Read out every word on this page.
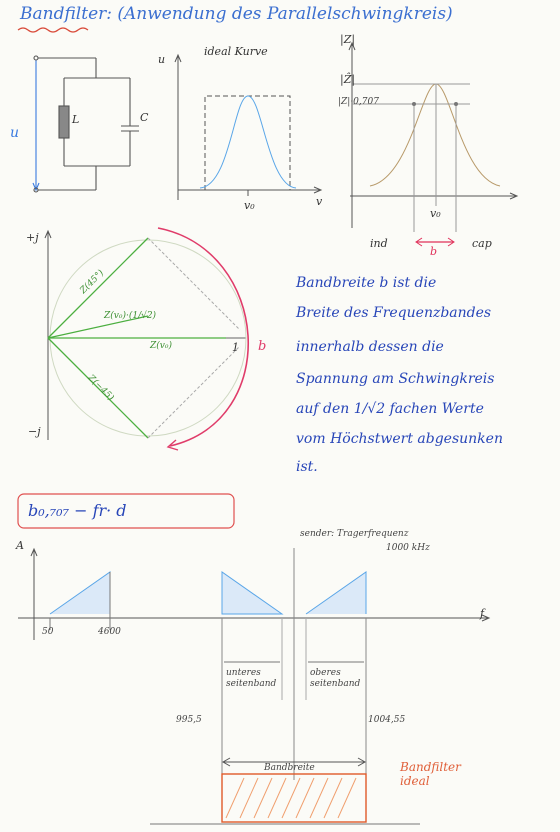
Bandfilter: (Anwendung des Parallelschwingkreis)
u
L	C
u
ideal Kurve
v₀	v
|Z|
|Ẑ|
|Z|·0,707
v₀
ind	cap
b
+j
−j
Z(45°)
Z(v₀)·(1/√2)
Z(v₀)
Z(−45)
1 b
Bandbreite b ist die
Breite des Frequenzbandes
innerhalb dessen die
Spannung am Schwingkreis
auf den 1/√2 fachen Werte
vom Höchstwert abgesunken
ist.
b₀,₇₀₇ − fr· d
A
f
50	4600
sender: Tragerfrequenz
1000 kHz
unteres seitenband
oberes seitenband
995,5	1004,55
Bandbreite	Bandfilter ideal
